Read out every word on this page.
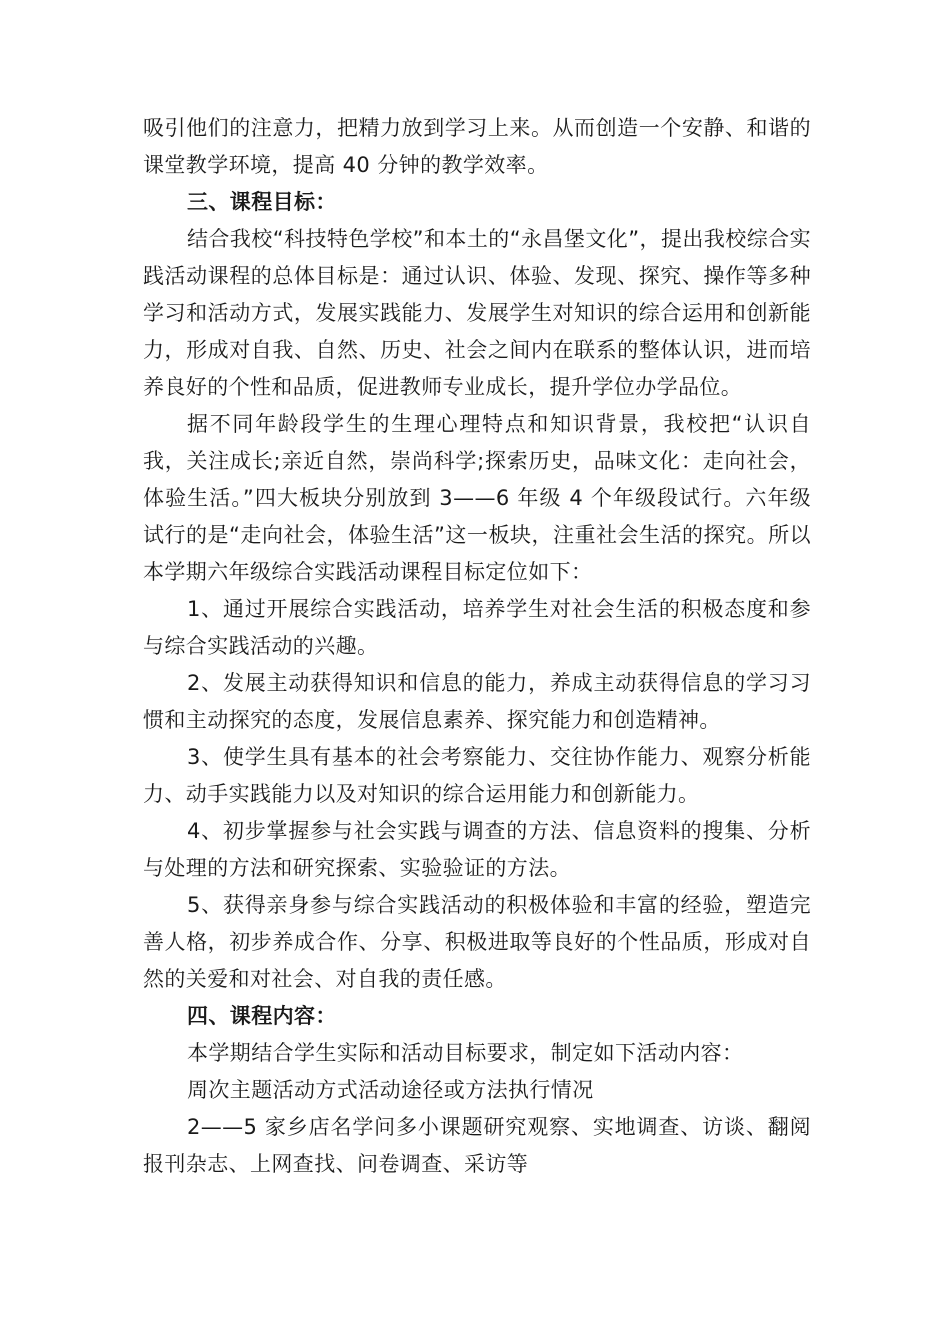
吸引他们的注意力，把精力放到学习上来。从而创造一个安静、和谐的课堂教学环境，提高 40 分钟的教学效率。

三、课程目标：

结合我校“科技特色学校”和本土的“永昌堡文化”，提出我校综合实践活动课程的总体目标是：通过认识、体验、发现、探究、操作等多种学习和活动方式，发展实践能力、发展学生对知识的综合运用和创新能力，形成对自我、自然、历史、社会之间内在联系的整体认识，进而培养良好的个性和品质，促进教师专业成长，提升学位办学品位。

据不同年龄段学生的生理心理特点和知识背景，我校把“认识自我，关注成长;亲近自然，崇尚科学;探索历史，品味文化：走向社会，体验生活。”四大板块分别放到 3——6 年级 4 个年级段试行。六年级试行的是“走向社会，体验生活”这一板块，注重社会生活的探究。所以本学期六年级综合实践活动课程目标定位如下：

1、通过开展综合实践活动，培养学生对社会生活的积极态度和参与综合实践活动的兴趣。

2、发展主动获得知识和信息的能力，养成主动获得信息的学习习惯和主动探究的态度，发展信息素养、探究能力和创造精神。

3、使学生具有基本的社会考察能力、交往协作能力、观察分析能力、动手实践能力以及对知识的综合运用能力和创新能力。

4、初步掌握参与社会实践与调查的方法、信息资料的搜集、分析与处理的方法和研究探索、实验验证的方法。

5、获得亲身参与综合实践活动的积极体验和丰富的经验，塑造完善人格，初步养成合作、分享、积极进取等良好的个性品质，形成对自然的关爱和对社会、对自我的责任感。

四、课程内容：

本学期结合学生实际和活动目标要求，制定如下活动内容：

周次主题活动方式活动途径或方法执行情况

2——5 家乡店名学问多小课题研究观察、实地调查、访谈、翻阅报刊杂志、上网查找、问卷调查、采访等
